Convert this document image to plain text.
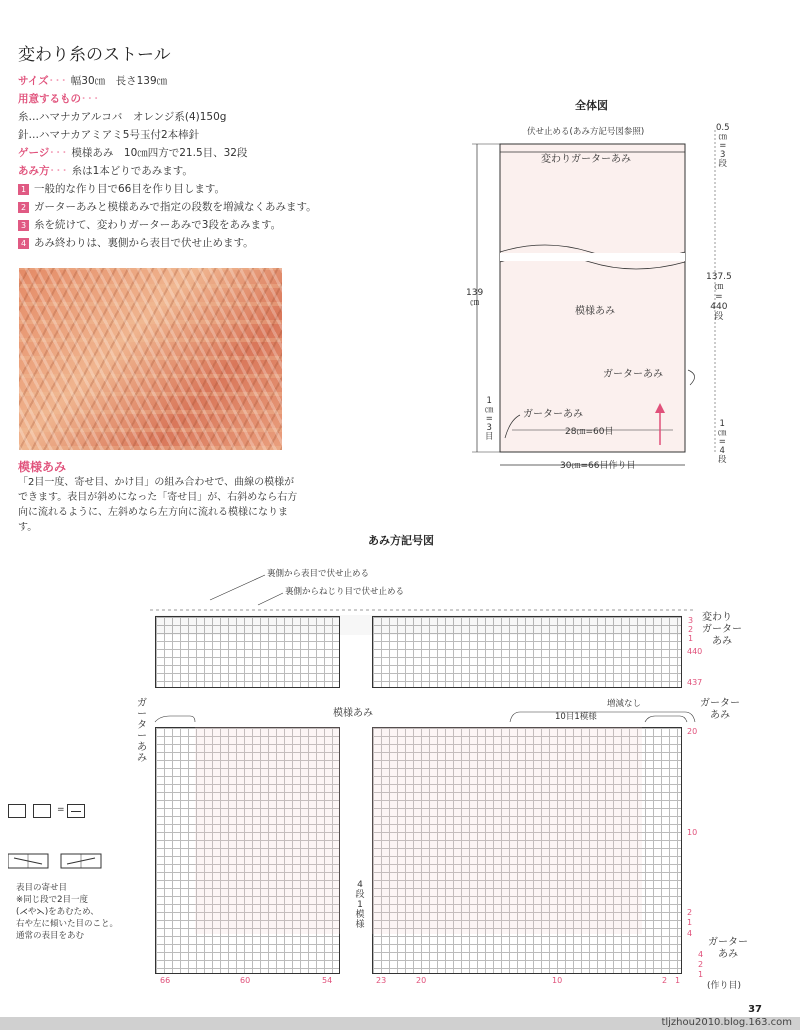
変わり糸のストール
サイズ･･･ 幅30㎝　長さ139㎝
用意するもの･･･
糸…ハマナカアルコバ　オレンジ系(4)150g
針…ハマナカアミアミ5号玉付2本棒針
ゲージ･･･ 模様あみ　10㎝四方で21.5目、32段
あみ方･･･ 糸は1本どりであみます。
1 一般的な作り目で66目を作り目します。
2 ガーターあみと模様あみで指定の段数を増減なくあみます。
3 糸を続けて、変わりガーターあみで3段をあみます。
4 あみ終わりは、裏側から表目で伏せ止めます。
模様あみ
「2目一度、寄せ目、かけ目」の組み合わせで、曲線の模様ができます。表目が斜めになった「寄せ目」が、右斜めなら右方向に流れるように、左斜めなら左方向に流れる模様になります。
全体図
伏せ止める(あみ方記号図参照)
変わりガーターあみ
模様あみ
ガーターあみ
ガーターあみ
28㎝=60目
30㎝=66目作り目
139
㎝
0.5
㎝
=
3
段
137.5
㎝
=
440
段
1
㎝
=
4
段
1
㎝
=
3
目
あみ方記号図
裏側から表目で伏せ止める
裏側からねじり目で伏せ止める
3
2
1
440
437
変わり
ガーター
あみ
模様あみ
増減なし
10目1模様
ガーターあみ
ガーター
あみ
20
10
2
1
4
4
段
1
模
様
ガーター
あみ
4
2
1
(作り目)
66	60	54	23	20	10	2 1
=
表目の寄せ目
※同じ段で2目一度
(⋌や⋋)をあむため、
右や左に傾いた目のこと。
通常の表目をあむ
37
tljzhou2010.blog.163.com
